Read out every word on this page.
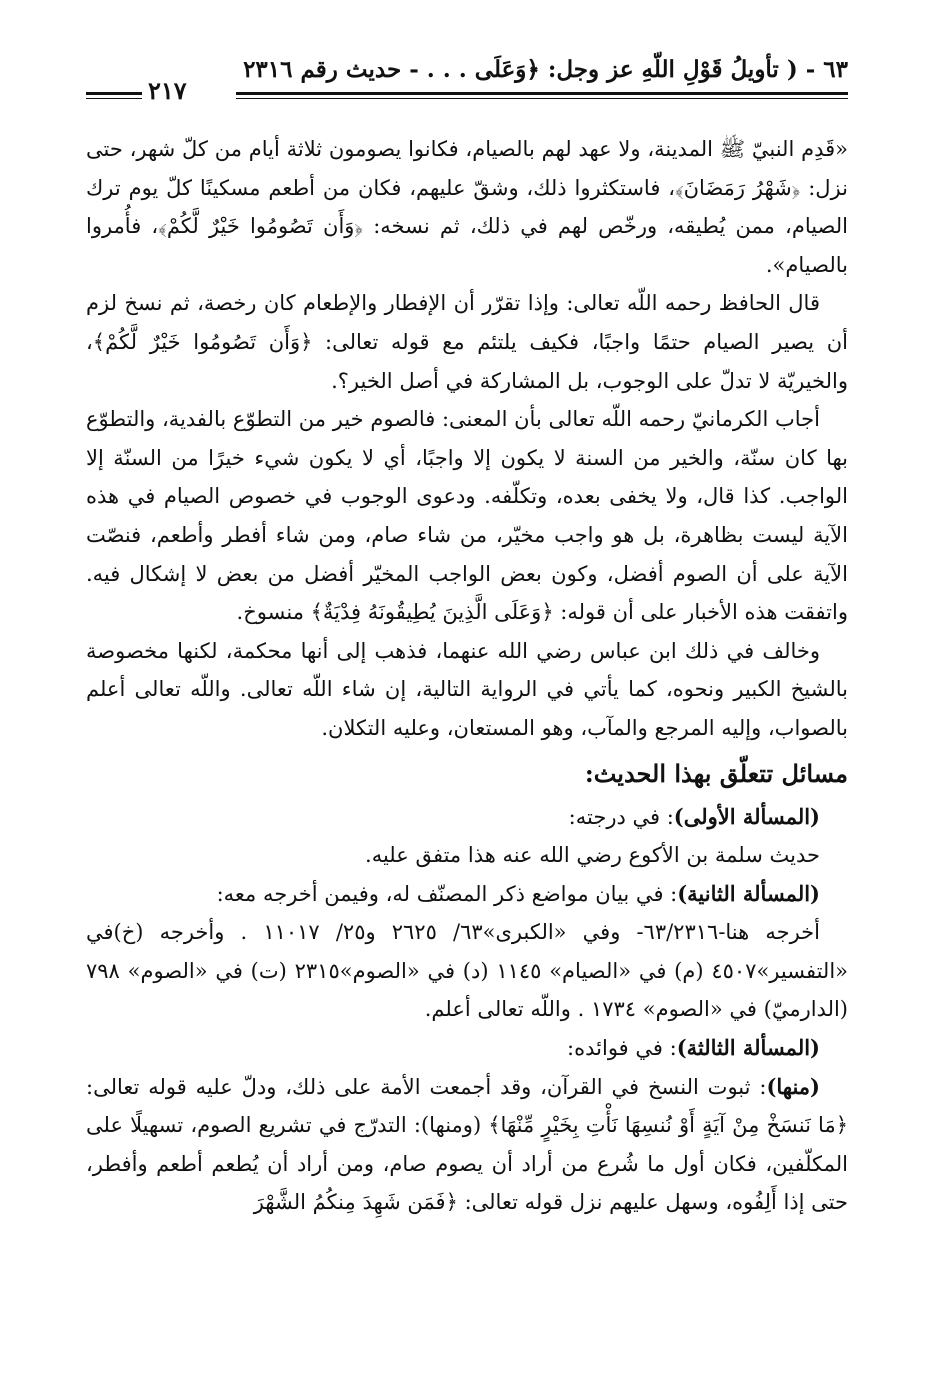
٦٣ - ( تأويلُ قَوْلِ اللّهِ عز وجل: ﴿وَعَلَى . . . - حديث رقم ٢٣١٦
٢١٧

«قَدِم النبيّ ﷺ المدينة، ولا عهد لهم بالصيام، فكانوا يصومون ثلاثة أيام من كلّ شهر، حتى نزل: ﴿شَهْرُ رَمَضَانَ﴾، فاستكثروا ذلك، وشقّ عليهم، فكان من أطعم مسكينًا كلّ يوم ترك الصيام، ممن يُطيقه، ورخّص لهم في ذلك، ثم نسخه: ﴿وَأَن تَصُومُوا خَيْرٌ لَّكُمْ﴾، فأُمروا بالصيام».

قال الحافظ رحمه اللّه تعالى: وإذا تقرّر أن الإفطار والإطعام كان رخصة، ثم نسخ لزم أن يصير الصيام حتمًا واجبًا، فكيف يلتئم مع قوله تعالى: ﴿وَأَن تَصُومُوا خَيْرٌ لَّكُمْ﴾، والخيريّة لا تدلّ على الوجوب، بل المشاركة في أصل الخير؟.

أجاب الكرمانيّ رحمه اللّه تعالى بأن المعنى: فالصوم خير من التطوّع بالفدية، والتطوّع بها كان سنّة، والخير من السنة لا يكون إلا واجبًا، أي لا يكون شيء خيرًا من السنّة إلا الواجب. كذا قال، ولا يخفى بعده، وتكلّفه. ودعوى الوجوب في خصوص الصيام في هذه الآية ليست بظاهرة، بل هو واجب مخيّر، من شاء صام، ومن شاء أفطر وأطعم، فنصّت الآية على أن الصوم أفضل، وكون بعض الواجب المخيّر أفضل من بعض لا إشكال فيه. واتفقت هذه الأخبار على أن قوله: ﴿وَعَلَى الَّذِينَ يُطِيقُونَهُ فِدْيَةٌ﴾ منسوخ.

وخالف في ذلك ابن عباس رضي الله عنهما، فذهب إلى أنها محكمة، لكنها مخصوصة بالشيخ الكبير ونحوه، كما يأتي في الرواية التالية، إن شاء اللّه تعالى. واللّه تعالى أعلم بالصواب، وإليه المرجع والمآب، وهو المستعان، وعليه التكلان.

مسائل تتعلّق بهذا الحديث:

(المسألة الأولى): في درجته:

حديث سلمة بن الأكوع رضي الله عنه هذا متفق عليه.

(المسألة الثانية): في بيان مواضع ذكر المصنّف له، وفيمن أخرجه معه:

أخرجه هنا-٦٣/٢٣١٦- وفي «الكبرى»٦٣/ ٢٦٢٥ و٢٥/ ١١٠١٧ . وأخرجه (خ)في «التفسير»٤٥٠٧ (م) في «الصيام» ١١٤٥ (د) في «الصوم»٢٣١٥ (ت) في «الصوم» ٧٩٨ (الدارميّ) في «الصوم» ١٧٣٤ . واللّه تعالى أعلم.

(المسألة الثالثة): في فوائده:

(منها): ثبوت النسخ في القرآن، وقد أجمعت الأمة على ذلك، ودلّ عليه قوله تعالى: ﴿مَا نَنسَخْ مِنْ آيَةٍ أَوْ نُنسِهَا نَأْتِ بِخَيْرٍ مِّنْهَا﴾ (ومنها): التدرّج في تشريع الصوم، تسهيلًا على المكلّفين، فكان أول ما شُرع من أراد أن يصوم صام، ومن أراد أن يُطعم أطعم وأفطر، حتى إذا أَلِفُوه، وسهل عليهم نزل قوله تعالى: ﴿فَمَن شَهِدَ مِنكُمُ الشَّهْرَ
